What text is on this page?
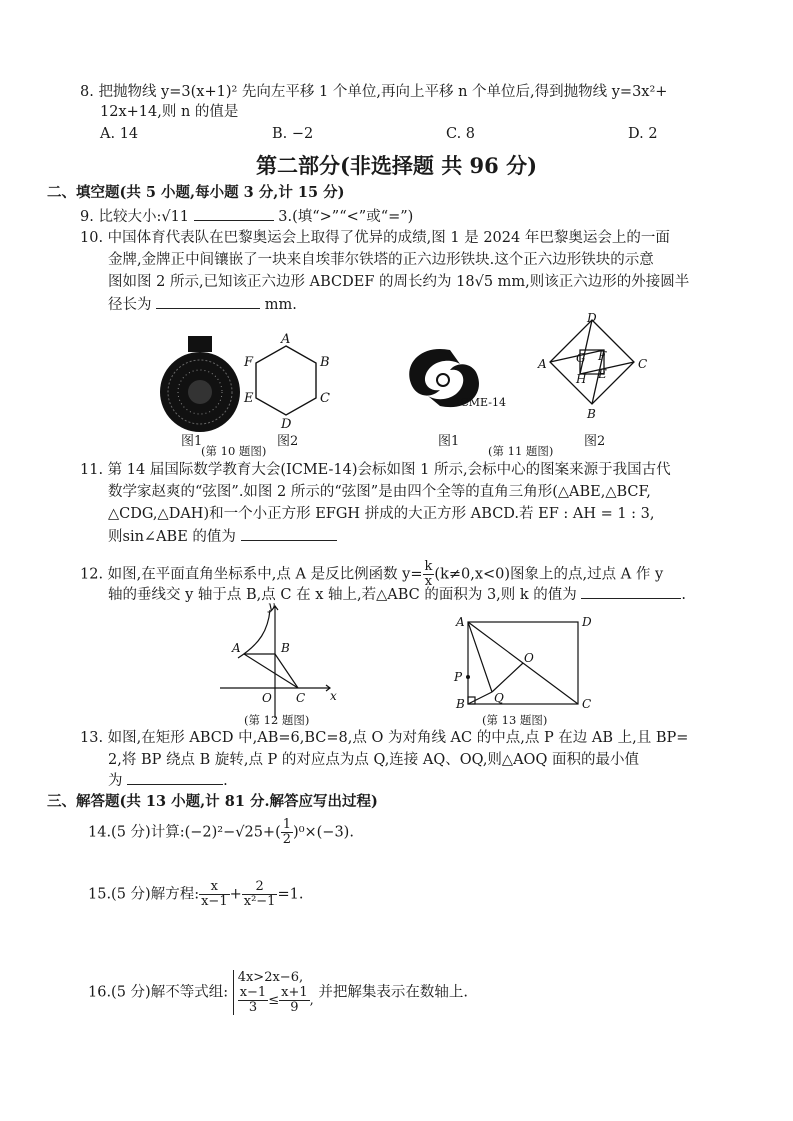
8. 把抛物线 y=3(x+1)² 先向左平移 1 个单位,再向上平移 n 个单位后,得到抛物线 y=3x²+
12x+14,则 n 的值是
A. 14	B. −2	C. 8	D. 2
第二部分(非选择题 共 96 分)
二、填空题(共 5 小题,每小题 3 分,计 15 分)
9. 比较大小:√11	3.(填“>”“<”或“=”)
10. 中国体育代表队在巴黎奥运会上取得了优异的成绩,图 1 是 2024 年巴黎奥运会上的一面
金牌,金牌正中间镶嵌了一块来自埃菲尔铁塔的正六边形铁块.这个正六边形铁块的示意
图如图 2 所示,已知该正六边形 ABCDEF 的周长约为 18√5 mm,则该正六边形的外接圆半
径长为	mm.
A
B
C
D
E
F
ICME-14
D
G F
A	C
H E
B
图1	图2
(第 10 题图)
图1	图2
(第 11 题图)
11. 第 14 届国际数学教育大会(ICME-14)会标如图 1 所示,会标中心的图案来源于我国古代
数学家赵爽的“弦图”.如图 2 所示的“弦图”是由四个全等的直角三角形(△ABE,△BCF,
△CDG,△DAH)和一个小正方形 EFGH 拼成的大正方形 ABCD.若 EF : AH = 1 : 3,
则sin∠ABE 的值为
12. 如图,在平面直角坐标系中,点 A 是反比例函数 $y= \frac{k}{x} (k\ne 0,x<0)$图象上的点,过点 A 作 y
轴的垂线交 y 轴于点 B,点 C 在 x 轴上,若△ABC 的面积为 3,则 k 的值为	.
y
A	B
O C x
A	D
O
P
B Q	C
(第 12 题图)	(第 13 题图)
13. 如图,在矩形 ABCD 中,AB=6,BC=8,点 O 为对角线 AC 的中点,点 P 在边 AB 上,且 BP=
2,将 BP 绕点 B 旋转,点 P 的对应点为点 Q,连接 AQ、OQ,则△AOQ 面积的最小值
为	.
三、解答题(共 13 小题,计 81 分.解答应写出过程)
14.(5 分)计算:(−2)²−√25+( $\frac{1}{2} )^0\times(-3)$.
15.(5 分)解方程: $\frac{x}{x-1} + \frac{2}{\text{x²−1}} =1$.
16.(5 分)解不等式组:
4x>2x−6,
$\frac{x-1}{3} \le \frac{x+1}{9}$ , 并把解集表示在数轴上.
